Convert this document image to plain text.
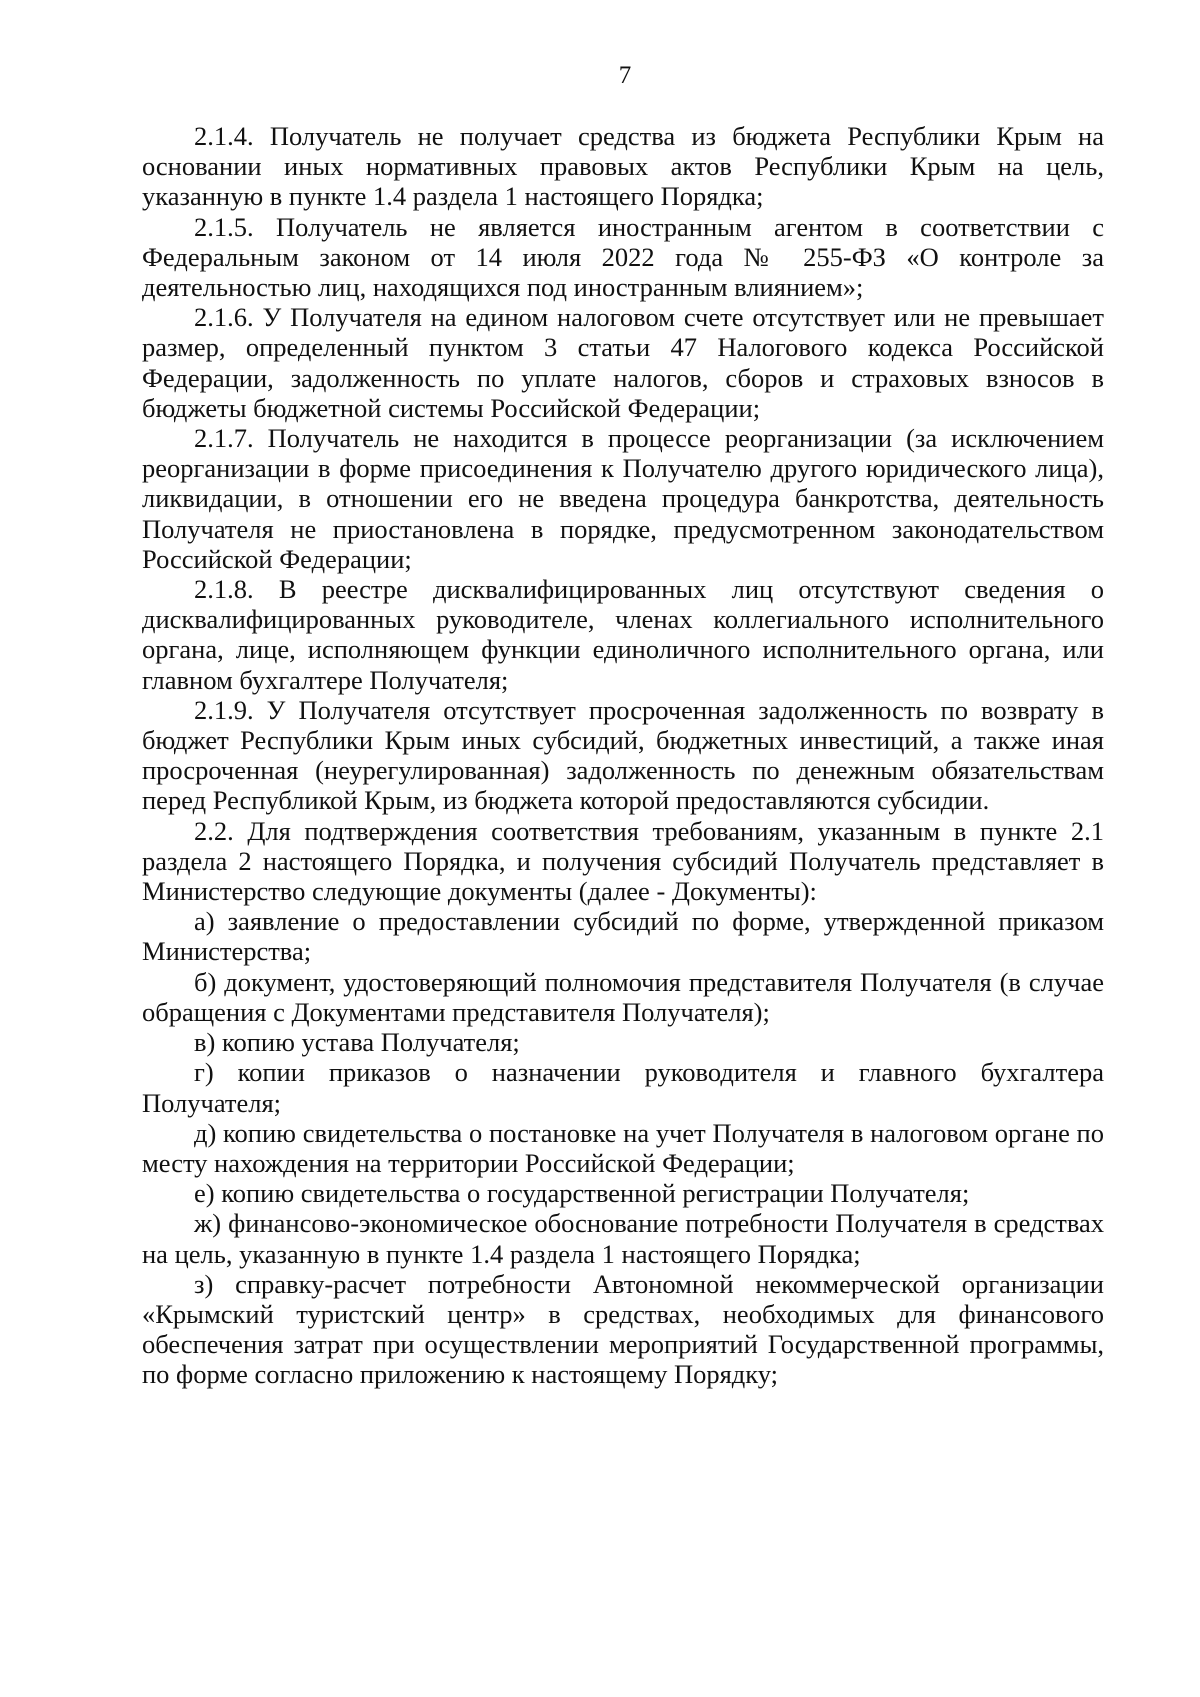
7

2.1.4. Получатель не получает средства из бюджета Республики Крым на основании иных нормативных правовых актов Республики Крым на цель, указанную в пункте 1.4 раздела 1 настоящего Порядка;

2.1.5. Получатель не является иностранным агентом в соответствии с Федеральным законом от 14 июля 2022 года № 255-ФЗ «О контроле за деятельностью лиц, находящихся под иностранным влиянием»;

2.1.6. У Получателя на едином налоговом счете отсутствует или не превышает размер, определенный пунктом 3 статьи 47 Налогового кодекса Российской Федерации, задолженность по уплате налогов, сборов и страховых взносов в бюджеты бюджетной системы Российской Федерации;

2.1.7. Получатель не находится в процессе реорганизации (за исключением реорганизации в форме присоединения к Получателю другого юридического лица), ликвидации, в отношении его не введена процедура банкротства, деятельность Получателя не приостановлена в порядке, предусмотренном законодательством Российской Федерации;

2.1.8. В реестре дисквалифицированных лиц отсутствуют сведения о дисквалифицированных руководителе, членах коллегиального исполнительного органа, лице, исполняющем функции единоличного исполнительного органа, или главном бухгалтере Получателя;

2.1.9. У Получателя отсутствует просроченная задолженность по возврату в бюджет Республики Крым иных субсидий, бюджетных инвестиций, а также иная просроченная (неурегулированная) задолженность по денежным обязательствам перед Республикой Крым, из бюджета которой предоставляются субсидии.

2.2. Для подтверждения соответствия требованиям, указанным в пункте 2.1 раздела 2 настоящего Порядка, и получения субсидий Получатель представляет в Министерство следующие документы (далее - Документы):

а) заявление о предоставлении субсидий по форме, утвержденной приказом Министерства;

б) документ, удостоверяющий полномочия представителя Получателя (в случае обращения с Документами представителя Получателя);

в) копию устава Получателя;

г) копии приказов о назначении руководителя и главного бухгалтера Получателя;

д) копию свидетельства о постановке на учет Получателя в налоговом органе по месту нахождения на территории Российской Федерации;

е) копию свидетельства о государственной регистрации Получателя;

ж) финансово-экономическое обоснование потребности Получателя в средствах на цель, указанную в пункте 1.4 раздела 1 настоящего Порядка;

з) справку-расчет потребности Автономной некоммерческой организации «Крымский туристский центр» в средствах, необходимых для финансового обеспечения затрат при осуществлении мероприятий Государственной программы, по форме согласно приложению к настоящему Порядку;
